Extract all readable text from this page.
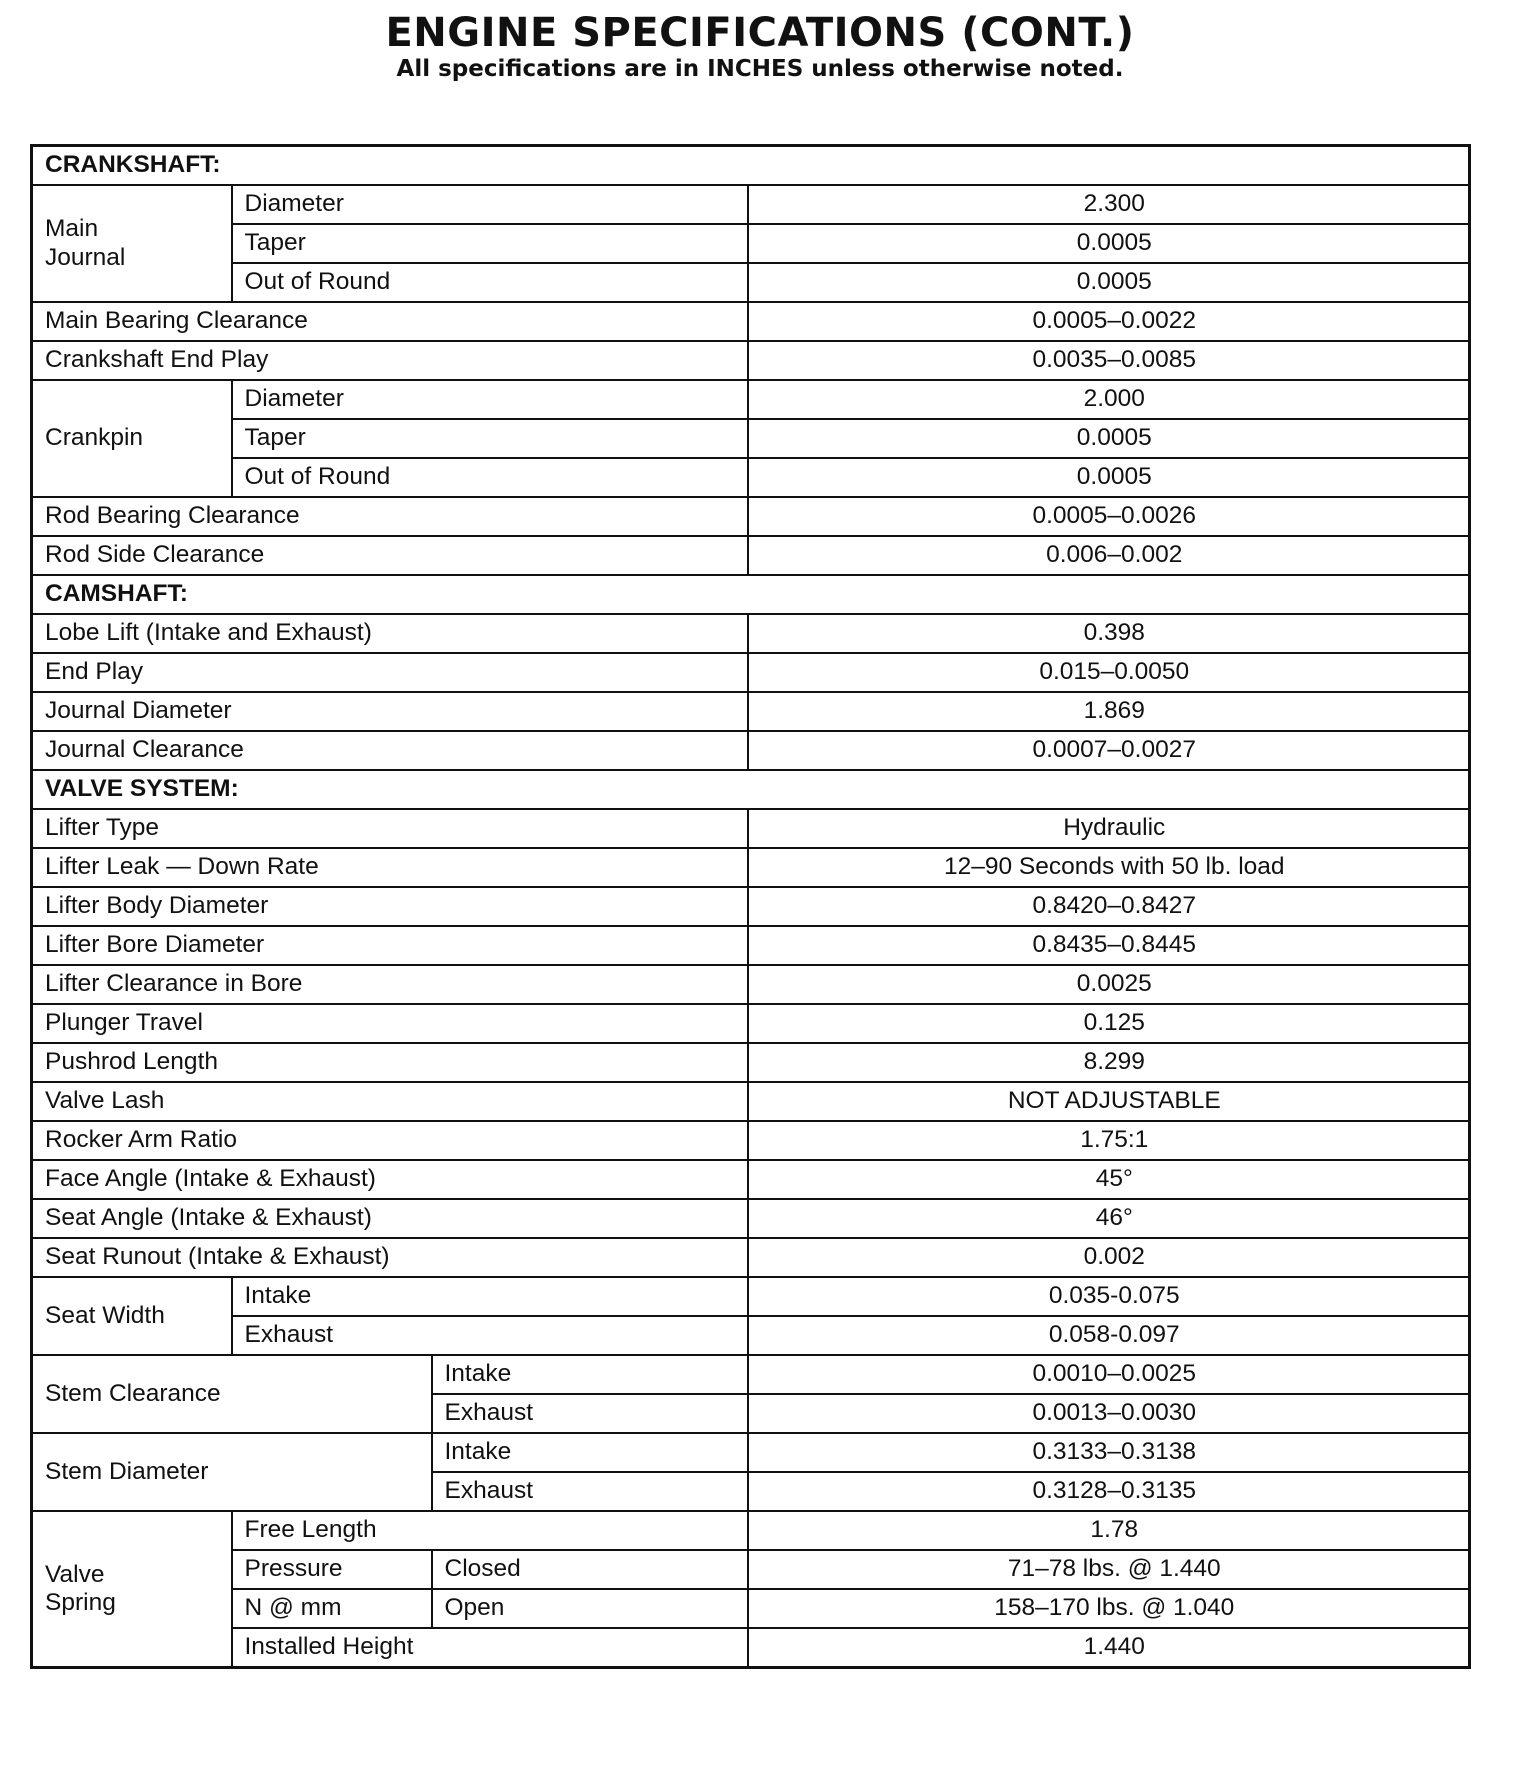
ENGINE SPECIFICATIONS (CONT.)
All specifications are in INCHES unless otherwise noted.
CRANKSHAFT:			

Main
Journal	Diameter		2.300
	Taper		0.0005
	Out of Round		0.0005
Main Bearing Clearance			0.0005–0.0022
Crankshaft End Play			0.0035–0.0085
Crankpin	Diameter		2.000
	Taper		0.0005
	Out of Round		0.0005
Rod Bearing Clearance			0.0005–0.0026
Rod Side Clearance			0.006–0.002
CAMSHAFT:			
Lobe Lift (Intake and Exhaust)			0.398
End Play			0.015–0.0050
Journal Diameter			1.869
Journal Clearance			0.0007–0.0027
VALVE SYSTEM:			
Lifter Type			Hydraulic
Lifter Leak — Down Rate			12–90 Seconds with 50 lb. load
Lifter Body Diameter			0.8420–0.8427
Lifter Bore Diameter			0.8435–0.8445
Lifter Clearance in Bore			0.0025
Plunger Travel			0.125
Pushrod Length			8.299
Valve Lash			NOT ADJUSTABLE
Rocker Arm Ratio			1.75:1
Face Angle (Intake & Exhaust)			45°
Seat Angle (Intake & Exhaust)			46°
Seat Runout (Intake & Exhaust)			0.002
Seat Width	Intake		0.035-0.075
	Exhaust		0.058-0.097
Stem Clearance		Intake	0.0010–0.0025
		Exhaust	0.0013–0.0030
Stem Diameter		Intake	0.3133–0.3138
		Exhaust	0.3128–0.3135

Valve
Spring	Free Length		1.78
	Pressure	Closed	71–78 lbs. @ 1.440
	N @ mm	Open	158–170 lbs. @ 1.040
	Installed Height		1.440
